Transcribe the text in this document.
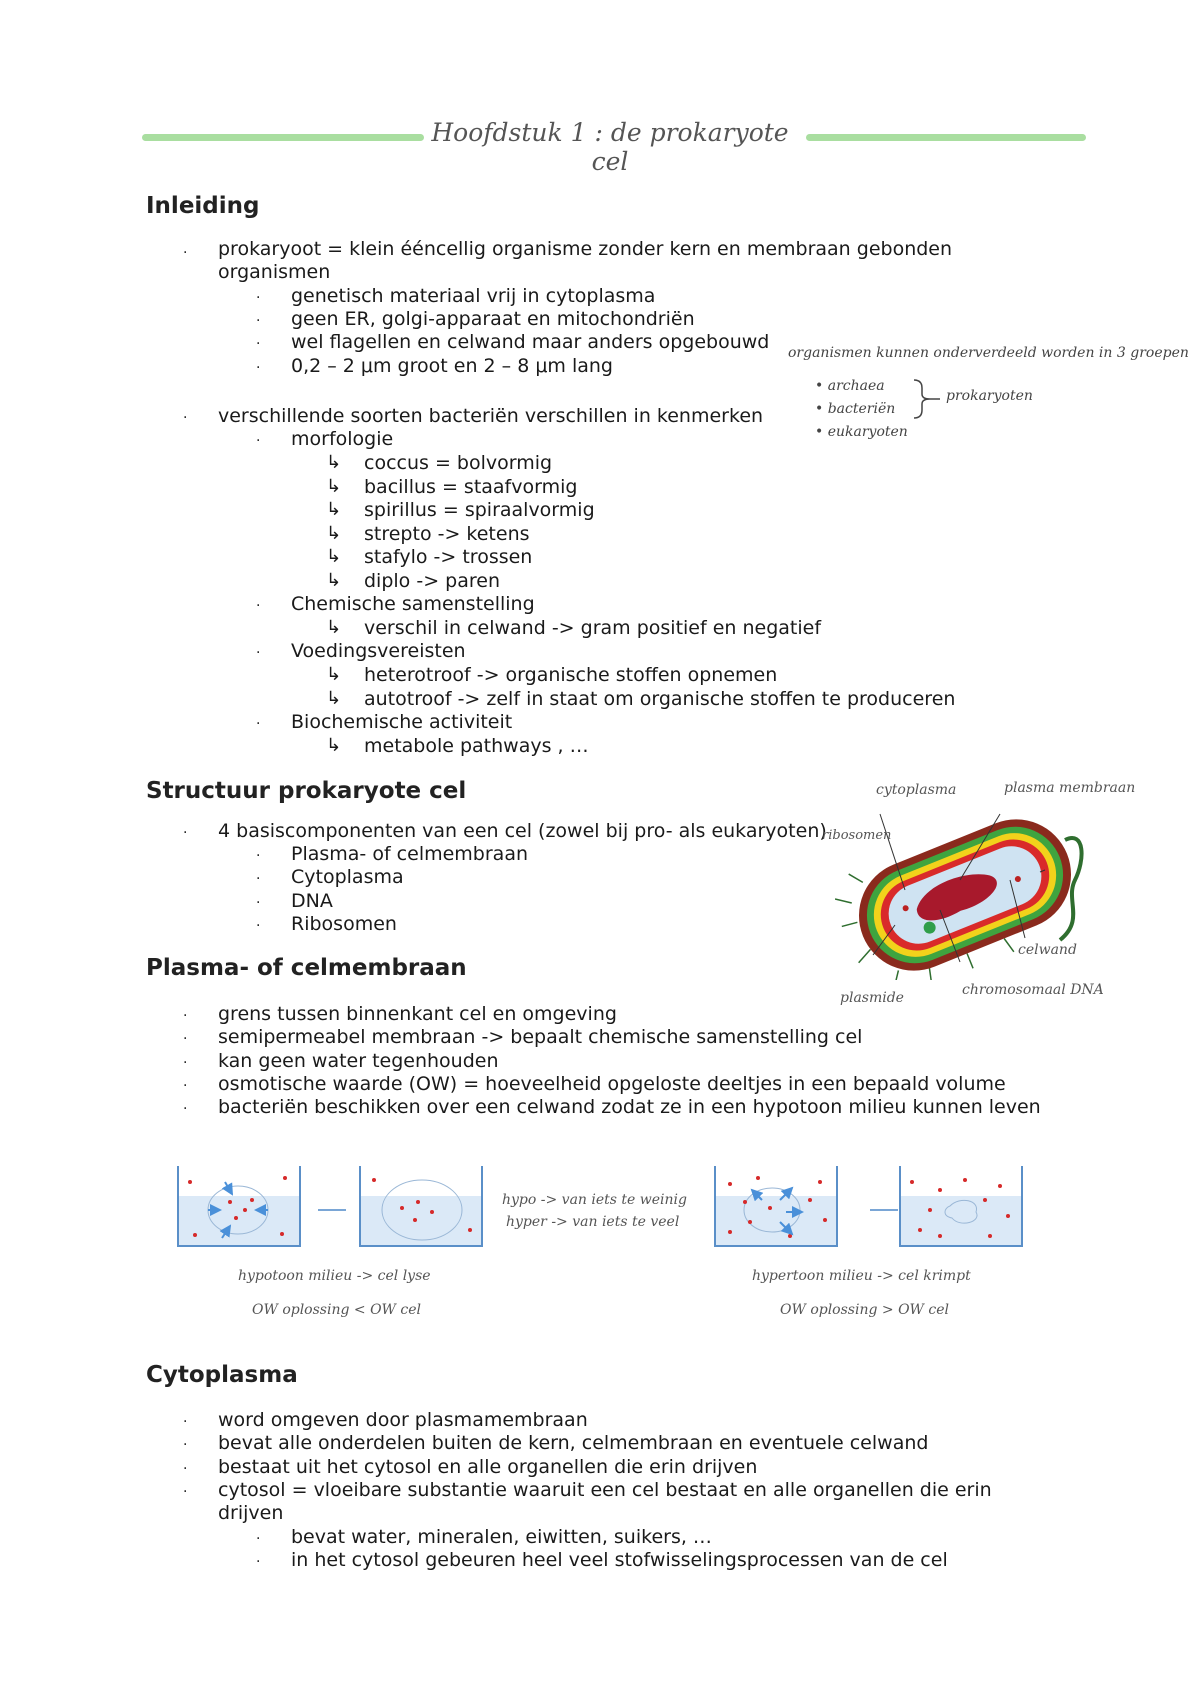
Hoofdstuk 1 : de prokaryote cel
Inleiding
· prokaryoot = klein ééncellig organisme zonder kern en membraan gebonden
organismen
· genetisch materiaal vrij in cytoplasma
· geen ER, golgi-apparaat en mitochondriën
· wel flagellen en celwand maar anders opgebouwd
· 0,2 – 2 μm groot en 2 – 8 μm lang
organismen kunnen onderverdeeld worden in 3 groepen
• archaea
• bacteriën
• eukaryoten
prokaryoten
· verschillende soorten bacteriën verschillen in kenmerken
· morfologie
↳ coccus = bolvormig
↳ bacillus = staafvormig
↳ spirillus = spiraalvormig
↳ strepto -> ketens
↳ stafylo -> trossen
↳ diplo -> paren
· Chemische samenstelling
↳ verschil in celwand -> gram positief en negatief
· Voedingsvereisten
↳ heterotroof -> organische stoffen opnemen
↳ autotroof -> zelf in staat om organische stoffen te produceren
· Biochemische activiteit
↳ metabole pathways , …
Structuur prokaryote cel
· 4 basiscomponenten van een cel (zowel bij pro- als eukaryoten)
· Plasma- of celmembraan
· Cytoplasma
· DNA
· Ribosomen
cytoplasma	plasma membraan
ribosomen
celwand
plasmide	chromosomaal DNA
Plasma- of celmembraan
· grens tussen binnenkant cel en omgeving
· semipermeabel membraan -> bepaalt chemische samenstelling cel
· kan geen water tegenhouden
· osmotische waarde (OW) = hoeveelheid opgeloste deeltjes in een bepaald volume
· bacteriën beschikken over een celwand zodat ze in een hypotoon milieu kunnen leven
hypo -> van iets te weinig
hyper -> van iets te veel
hypotoon milieu -> cel lyse
OW oplossing < OW cel
hypertoon milieu -> cel krimpt
OW oplossing > OW cel
Cytoplasma
· word omgeven door plasmamembraan
· bevat alle onderdelen buiten de kern, celmembraan en eventuele celwand
· bestaat uit het cytosol en alle organellen die erin drijven
· cytosol = vloeibare substantie waaruit een cel bestaat en alle organellen die erin
drijven
· bevat water, mineralen, eiwitten, suikers, …
· in het cytosol gebeuren heel veel stofwisselingsprocessen van de cel
